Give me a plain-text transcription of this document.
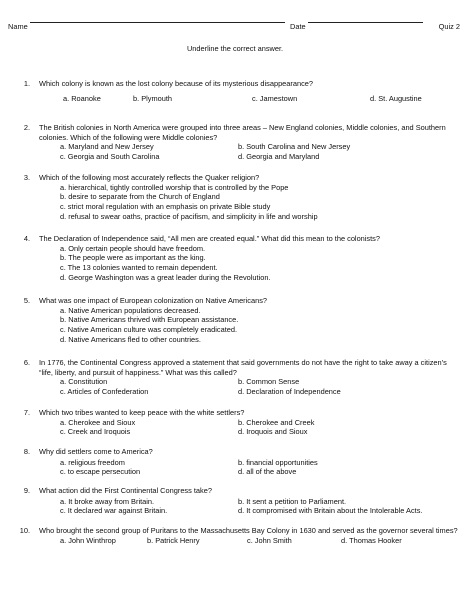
Name	Date	Quiz 2
Underline the correct answer.
1. Which colony is known as the lost colony because of its mysterious disappearance?
a. Roanoke	b. Plymouth	c. Jamestown	d. St. Augustine
2. The British colonies in North America were grouped into three areas – New England colonies, Middle colonies, and Southern colonies. Which of the following were Middle colonies?
a. Maryland and New Jersey	b. South Carolina and New Jersey
c. Georgia and South Carolina	d. Georgia and Maryland
3. Which of the following most accurately reflects the Quaker religion?
a. hierarchical, tightly controlled worship that is controlled by the Pope
b. desire to separate from the Church of England
c. strict moral regulation with an emphasis on private Bible study
d. refusal to swear oaths, practice of pacifism, and simplicity in life and worship
4. The Declaration of Independence said, “All men are created equal.” What did this mean to the colonists?
a. Only certain people should have freedom.
b. The people were as important as the king.
c. The 13 colonies wanted to remain dependent.
d. George Washington was a great leader during the Revolution.
5. What was one impact of European colonization on Native Americans?
a. Native American populations decreased.
b. Native Americans thrived with European assistance.
c. Native American culture was completely eradicated.
d. Native Americans fled to other countries.
6. In 1776, the Continental Congress approved a statement that said governments do not have the right to take away a citizen’s “life, liberty, and pursuit of happiness.” What was this called?
a. Constitution	b. Common Sense
c. Articles of Confederation	d. Declaration of Independence
7. Which two tribes wanted to keep peace with the white settlers?
a. Cherokee and Sioux	b. Cherokee and Creek
c. Creek and Iroquois	d. Iroquois and Sioux
8. Why did settlers come to America?
a. religious freedom	b. financial opportunities
c. to escape persecution	d. all of the above
9. What action did the First Continental Congress take?
a. It broke away from Britain.	b. It sent a petition to Parliament.
c. It declared war against Britain.	d. It compromised with Britain about the Intolerable Acts.
10. Who brought the second group of Puritans to the Massachusetts Bay Colony in 1630 and served as the governor several times?
a. John Winthrop	b. Patrick Henry	c. John Smith	d. Thomas Hooker
